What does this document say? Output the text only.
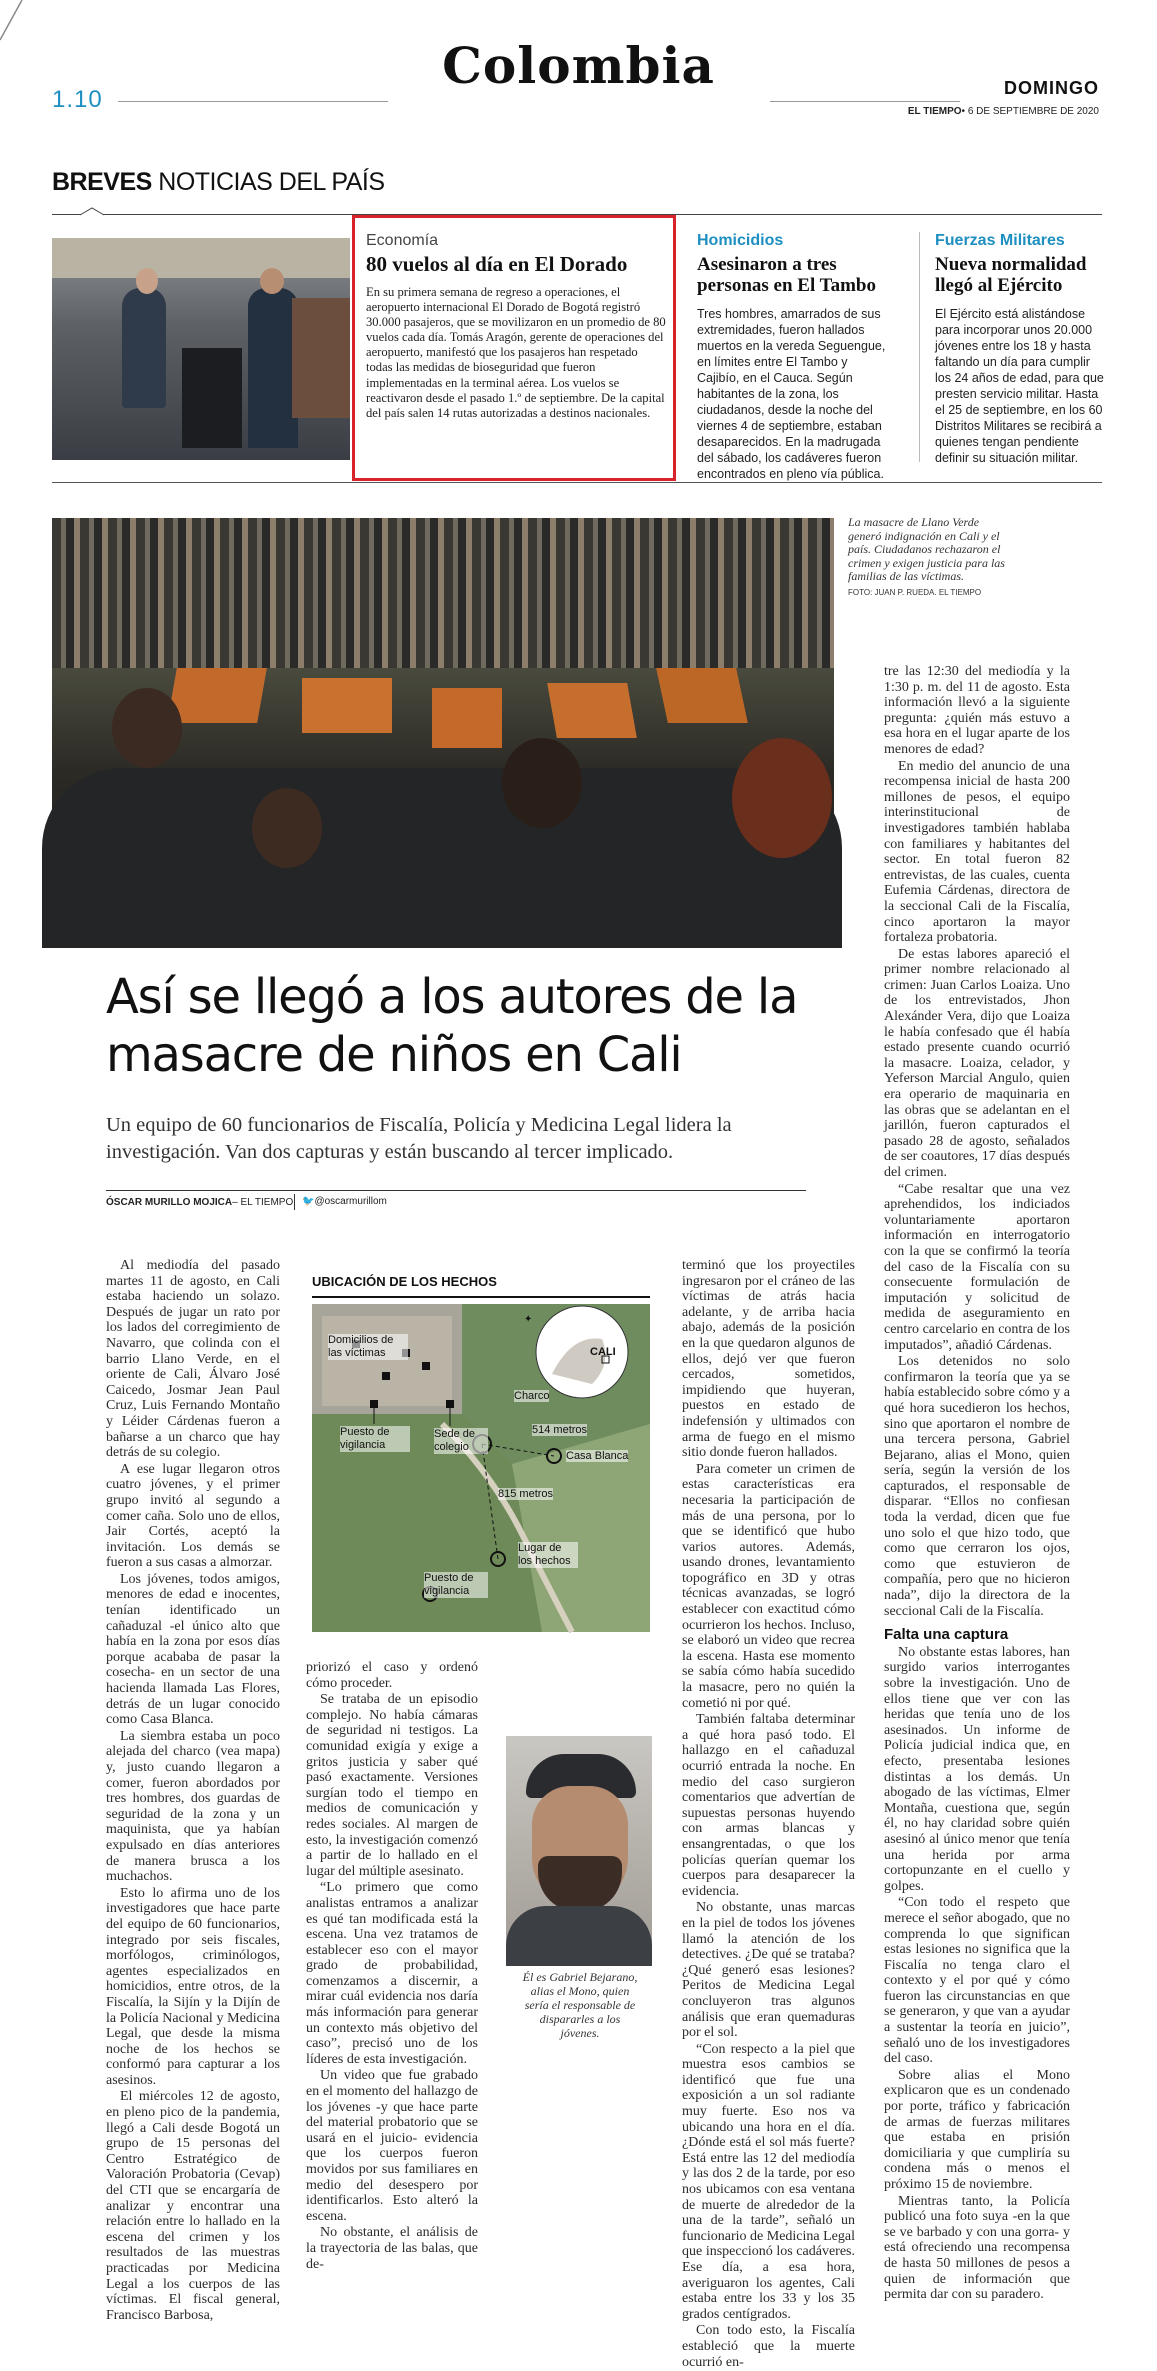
1.10
Colombia	DOMINGO
EL TIEMPO• 6 DE SEPTIEMBRE DE 2020
BREVES NOTICIAS DEL PAÍS
Economía
80 vuelos al día en El Dorado
En su primera semana de regreso a operaciones, el aeropuerto internacional El Dorado de Bogotá registró 30.000 pasajeros, que se movilizaron en un promedio de 80 vuelos cada día. Tomás Aragón, gerente de operaciones del aeropuerto, manifestó que los pasajeros han respetado todas las medidas de bioseguridad que fueron implementadas en la terminal aérea. Los vuelos se reactivaron desde el pasado 1.º de septiembre. De la capital del país salen 14 rutas autorizadas a destinos nacionales.
Homicidios
Asesinaron a tres personas en El Tambo
Tres hombres, amarrados de sus extremidades, fueron hallados muertos en la vereda Seguengue, en límites entre El Tambo y Cajibío, en el Cauca. Según habitantes de la zona, los ciudadanos, desde la noche del viernes 4 de septiembre, estaban desaparecidos. En la madrugada del sábado, los cadáveres fueron encontrados en pleno vía pública.
Fuerzas Militares
Nueva normalidad llegó al Ejército
El Ejército está alistándose para incorporar unos 20.000 jóvenes entre los 18 y hasta faltando un día para cumplir los 24 años de edad, para que presten servicio militar. Hasta el 25 de septiembre, en los 60 Distritos Militares se recibirá a quienes tengan pendiente definir su situación militar.
La masacre de Llano Verde generó indignación en Cali y el país. Ciudadanos rechazaron el crimen y exigen justicia para las familias de las víctimas.
FOTO: JUAN P. RUEDA. EL TIEMPO
Así se llegó a los autores de la masacre de niños en Cali
Un equipo de 60 funcionarios de Fiscalía, Policía y Medicina Legal lidera la investigación. Van dos capturas y están buscando al tercer implicado.
ÓSCAR MURILLO MOJICA– EL TIEMPO 🐦@oscarmurillom

Al mediodía del pasado martes 11 de agosto, en Cali estaba haciendo un solazo. Después de jugar un rato por los lados del corregimiento de Navarro, que colinda con el barrio Llano Verde, en el oriente de Cali, Álvaro José Caicedo, Josmar Jean Paul Cruz, Luis Fernando Montaño y Léider Cárdenas fueron a bañarse a un charco que hay detrás de su colegio.

A ese lugar llegaron otros cuatro jóvenes, y el primer grupo invitó al segundo a comer caña. Solo uno de ellos, Jair Cortés, aceptó la invitación. Los demás se fueron a sus casas a almorzar.

Los jóvenes, todos amigos, menores de edad e inocentes, tenían identificado un cañaduzal -el único alto que había en la zona por esos días porque acababa de pasar la cosecha- en un sector de una hacienda llamada Las Flores, detrás de un lugar conocido como Casa Blanca.

La siembra estaba un poco alejada del charco (vea mapa) y, justo cuando llegaron a comer, fueron abordados por tres hombres, dos guardas de seguridad de la zona y un maquinista, que ya habían expulsado en días anteriores de manera brusca a los muchachos.

Esto lo afirma uno de los investigadores que hace parte del equipo de 60 funcionarios, integrado por seis fiscales, morfólogos, criminólogos, agentes especializados en homicidios, entre otros, de la Fiscalía, la Sijín y la Dijín de la Policía Nacional y Medicina Legal, que desde la misma noche de los hechos se conformó para capturar a los asesinos.

El miércoles 12 de agosto, en pleno pico de la pandemia, llegó a Cali desde Bogotá un grupo de 15 personas del Centro Estratégico de Valoración Probatoria (Cevap) del CTI que se encargaría de analizar y encontrar una relación entre lo hallado en la escena del crimen y los resultados de las muestras practicadas por Medicina Legal a los cuerpos de las víctimas. El fiscal general, Francisco Barbosa,

UBICACIÓN DE LOS HECHOS
✦
Domicilios de las víctimas
Puesto de vigilancia
Sede de colegio
Charco
Casa Blanca
514 metros
815 metros
Lugar de los hechos
Puesto de vigilancia
CALI

priorizó el caso y ordenó cómo proceder.

Se trataba de un episodio complejo. No había cámaras de seguridad ni testigos. La comunidad exigía y exige a gritos justicia y saber qué pasó exactamente. Versiones surgían todo el tiempo en medios de comunicación y redes sociales. Al margen de esto, la investigación comenzó a partir de lo hallado en el lugar del múltiple asesinato.

“Lo primero que como analistas entramos a analizar es qué tan modificada está la escena. Una vez tratamos de establecer eso con el mayor grado de probabilidad, comenzamos a discernir, a mirar cuál evidencia nos daría más información para generar un contexto más objetivo del caso”, precisó uno de los líderes de esta investigación.

Un video que fue grabado en el momento del hallazgo de los jóvenes -y que hace parte del material probatorio que se usará en el juicio- evidencia que los cuerpos fueron movidos por sus familiares en medio del desespero por identificarlos. Esto alteró la escena.

No obstante, el análisis de la trayectoria de las balas, que de-

terminó que los proyectiles ingresaron por el cráneo de las víctimas de atrás hacia adelante, y de arriba hacia abajo, además de la posición en la que quedaron algunos de ellos, dejó ver que fueron cercados, sometidos, impidiendo que huyeran, puestos en estado de indefensión y ultimados con arma de fuego en el mismo sitio donde fueron hallados.

Para cometer un crimen de estas características era necesaria la participación de más de una persona, por lo que se identificó que hubo varios autores. Además, usando drones, levantamiento topográfico en 3D y otras técnicas avanzadas, se logró establecer con exactitud cómo ocurrieron los hechos. Incluso, se elaboró un video que recrea la escena. Hasta ese momento se sabía cómo había sucedido la masacre, pero no quién la cometió ni por qué.

También faltaba determinar a qué hora pasó todo. El hallazgo en el cañaduzal ocurrió entrada la noche. En medio del caso surgieron comentarios que advertían de supuestas personas huyendo con armas blancas y ensangrentadas, o que los policías querían quemar los cuerpos para desaparecer la evidencia.

No obstante, unas marcas en la piel de todos los jóvenes llamó la atención de los detectives. ¿De qué se trataba? ¿Qué generó esas lesiones? Peritos de Medicina Legal concluyeron tras algunos análisis que eran quemaduras por el sol.

“Con respecto a la piel que muestra esos cambios se identificó que fue una exposición a un sol radiante muy fuerte. Eso nos va ubicando una hora en el día. ¿Dónde está el sol más fuerte? Está entre las 12 del mediodía y las dos 2 de la tarde, por eso nos ubicamos con esa ventana de muerte de alrededor de la una de la tarde”, señaló un funcionario de Medicina Legal que inspeccionó los cadáveres. Ese día, a esa hora, averiguaron los agentes, Cali estaba entre los 33 y los 35 grados centígrados.

Con todo esto, la Fiscalía estableció que la muerte ocurrió en-

Él es Gabriel Bejarano, alias el Mono, quien sería el responsable de dispararles a los jóvenes.

tre las 12:30 del mediodía y la 1:30 p. m. del 11 de agosto. Esta información llevó a la siguiente pregunta: ¿quién más estuvo a esa hora en el lugar aparte de los menores de edad?

En medio del anuncio de una recompensa inicial de hasta 200 millones de pesos, el equipo interinstitucional de investigadores también hablaba con familiares y habitantes del sector. En total fueron 82 entrevistas, de las cuales, cuenta Eufemia Cárdenas, directora de la seccional Cali de la Fiscalía, cinco aportaron la mayor fortaleza probatoria.

De estas labores apareció el primer nombre relacionado al crimen: Juan Carlos Loaiza. Uno de los entrevistados, Jhon Alexánder Vera, dijo que Loaiza le había confesado que él había estado presente cuando ocurrió la masacre. Loaiza, celador, y Yeferson Marcial Angulo, quien era operario de maquinaria en las obras que se adelantan en el jarillón, fueron capturados el pasado 28 de agosto, señalados de ser coautores, 17 días después del crimen.

“Cabe resaltar que una vez aprehendidos, los indiciados voluntariamente aportaron información en interrogatorio con la que se confirmó la teoría del caso de la Fiscalía con su consecuente formulación de imputación y solicitud de medida de aseguramiento en centro carcelario en contra de los imputados”, añadió Cárdenas.

Los detenidos no solo confirmaron la teoría que ya se había establecido sobre cómo y a qué hora sucedieron los hechos, sino que aportaron el nombre de una tercera persona, Gabriel Bejarano, alias el Mono, quien sería, según la versión de los capturados, el responsable de disparar. “Ellos no confiesan toda la verdad, dicen que fue uno solo el que hizo todo, que como que cerraron los ojos, como que estuvieron de compañía, pero que no hicieron nada”, dijo la directora de la seccional Cali de la Fiscalía.

Falta una captura

No obstante estas labores, han surgido varios interrogantes sobre la investigación. Uno de ellos tiene que ver con las heridas que tenía uno de los asesinados. Un informe de Policía judicial indica que, en efecto, presentaba lesiones distintas a los demás. Un abogado de las víctimas, Elmer Montaña, cuestiona que, según él, no hay claridad sobre quién asesinó al único menor que tenía una herida por arma cortopunzante en el cuello y golpes.

“Con todo el respeto que merece el señor abogado, que no comprenda lo que significan estas lesiones no significa que la Fiscalía no tenga claro el contexto y el por qué y cómo fueron las circunstancias en que se generaron, y que van a ayudar a sustentar la teoría en juicio”, señaló uno de los investigadores del caso.

Sobre alias el Mono explicaron que es un condenado por porte, tráfico y fabricación de armas de fuerzas militares que estaba en prisión domiciliaria y que cumpliría su condena más o menos el próximo 15 de noviembre.

Mientras tanto, la Policía publicó una foto suya -en la que se ve barbado y con una gorra- y está ofreciendo una recompensa de hasta 50 millones de pesos a quien de información que permita dar con su paradero.
